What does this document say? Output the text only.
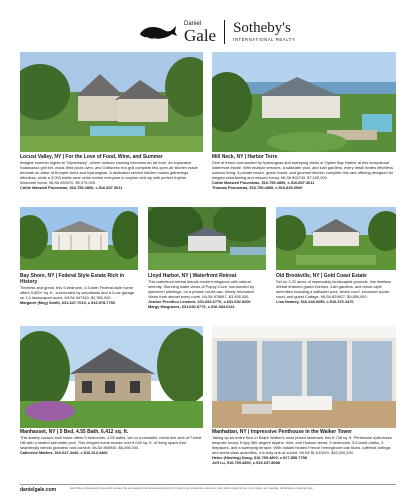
Daniel
Gale Sotheby's
INTERNATIONAL REALTY
Locust Valley, NY | For the Love of Food, Wine, and Summer
Imagine summer nights at "Wynnestay", where outdoor cooking becomes an art form. An expansive Kalamazoo grill set, wood-fired pizza oven, and Grillworks evo grill complete this open-air kitchen made beneath an arbor of trumpet vines and hydrangeas. A dedicated service kitchen makes gatherings effortless, while a 3,000-bottle wine cellar invites everyone to explore and sip with perfect rhythm. Welcome home. MLS# 892070. $9,975,000.
Cottie Maxwell Pournaras, 516.759.4800, c.516.857.3011
Mill Neck, NY | Harbor Terre
Dine al fresco surrounded by hydrangeas and sweeping views of Oyster Bay Harbor at this exceptional waterfront estate. With multiple terraces, a saltwater pool, and lush gardens, every detail invites effortless outdoor living. A private beach, guest house, and gourmet kitchen complete this rare offering designed for elegant entertaining and relaxed luxury. MLS# 892749. $7,100,000.
Cottie Maxwell Pournaras, 516.759.4800, c.516.857.3011
Thomas Pournaras, 516.759.4800, c.516.835.3000
Bay Shore, NY | Federal Style Estate Rich in History
Timeless and grand, this 9-bedroom, 4.5-bath Federal-style home offers 9,600+ sq. ft., surrounded by woodlands and a 3-car garage on 1.4 landscaped acres. MLS# 947363. $2,350,000.
Margaret (Meg) Smith, 631.647.7013, c.516.578.7753
Lloyd Harbor, NY | Waterfront Retreat
This waterfront retreat blends modern elegance with natural serenity. Stunning water views of Poppy Cove, surrounded by specimen plantings, on a private cul-de-sac. Newly renovated. Views from almost every room. MLS# 878667. $3,495,000.
Jeanne Previtico Leonard, 631.692.6770, c.631.692.5206
Margy Hargraves, 631.692.6770, c.516.384.0131
Old Brookville, NY | Gold Coast Estate
Set on 3.32 acres of impeccably landscaped grounds, this timeless retreat features grand interiors, lush gardens, and resort-style amenities including a saltwater pool, tennis court, enclosed sports court, and guest Cottage. MLS# 829827. $5,850,000.
Lisa Heaney, 516.248.6655, c.516.376.3470
Manhasset, NY | 5 Bed, 4.55 Bath, 6,412 sq. ft.
This stately custom-built home offers 5 bedrooms, 4.55 baths, set on a beautiful, resort-like acre of Forest Hill with a heated salt water pool. This elegant home boasts over 6,000 sq. ft. of living space that seamlessly blends grandeur and comfort. MLS# 865940. $6,498,000.
Catherine Mathes, 516.627.4440, c.516.313.4466
Manhattan, NY | Impressive Penthouse in the Walker Tower
Taking up an entire floor in Ralph Walker's most prized landmark, this 6,738 sq. ft. Penthouse epitomizes bespoke luxury. Enjoy 360-degree skyline, river, and Hudson views, 5 bedrooms, 5.5 lavish baths, 3 fireplaces, and a sweeping terrace. With radiant heated French herringbone oak floors, coffered ceilings, and world-class amenities, it is truly one-of-a-kind. MLS# RLS10921. $42,000,000.
Helen (Hosting) Dong, 516.759.4800, c.917.859.7758
Jeff Lu, 516.759.4800, c.516.637.8688
danielgale.com	Each office is independently owned and operated. We are pledged to provide equal opportunity for housing to any prospective customer or client, without regard to race, color, religion, sex, handicap, familial status or national origin.
